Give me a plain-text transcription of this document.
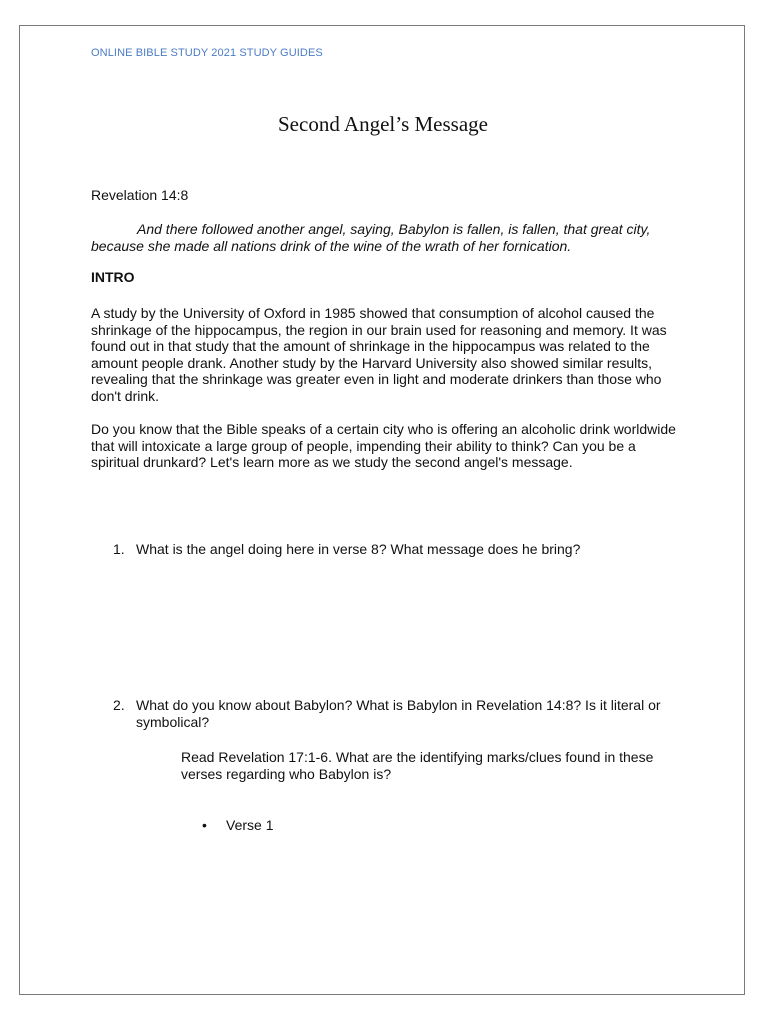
ONLINE BIBLE STUDY 2021 STUDY GUIDES
Second Angel’s Message
Revelation 14:8
And there followed another angel, saying, Babylon is fallen, is fallen, that great city, because she made all nations drink of the wine of the wrath of her fornication.
INTRO
A study by the University of Oxford in 1985 showed that consumption of alcohol caused the shrinkage of the hippocampus, the region in our brain used for reasoning and memory. It was found out in that study that the amount of shrinkage in the hippocampus was related to the amount people drank. Another study by the Harvard University also showed similar results, revealing that the shrinkage was greater even in light and moderate drinkers than those who don't drink.
Do you know that the Bible speaks of a certain city who is offering an alcoholic drink worldwide that will intoxicate a large group of people, impending their ability to think? Can you be a spiritual drunkard? Let's learn more as we study the second angel's message.
1. What is the angel doing here in verse 8? What message does he bring?
2. What do you know about Babylon? What is Babylon in Revelation 14:8? Is it literal or symbolical?
Read Revelation 17:1-6. What are the identifying marks/clues found in these verses regarding who Babylon is?
• Verse 1
